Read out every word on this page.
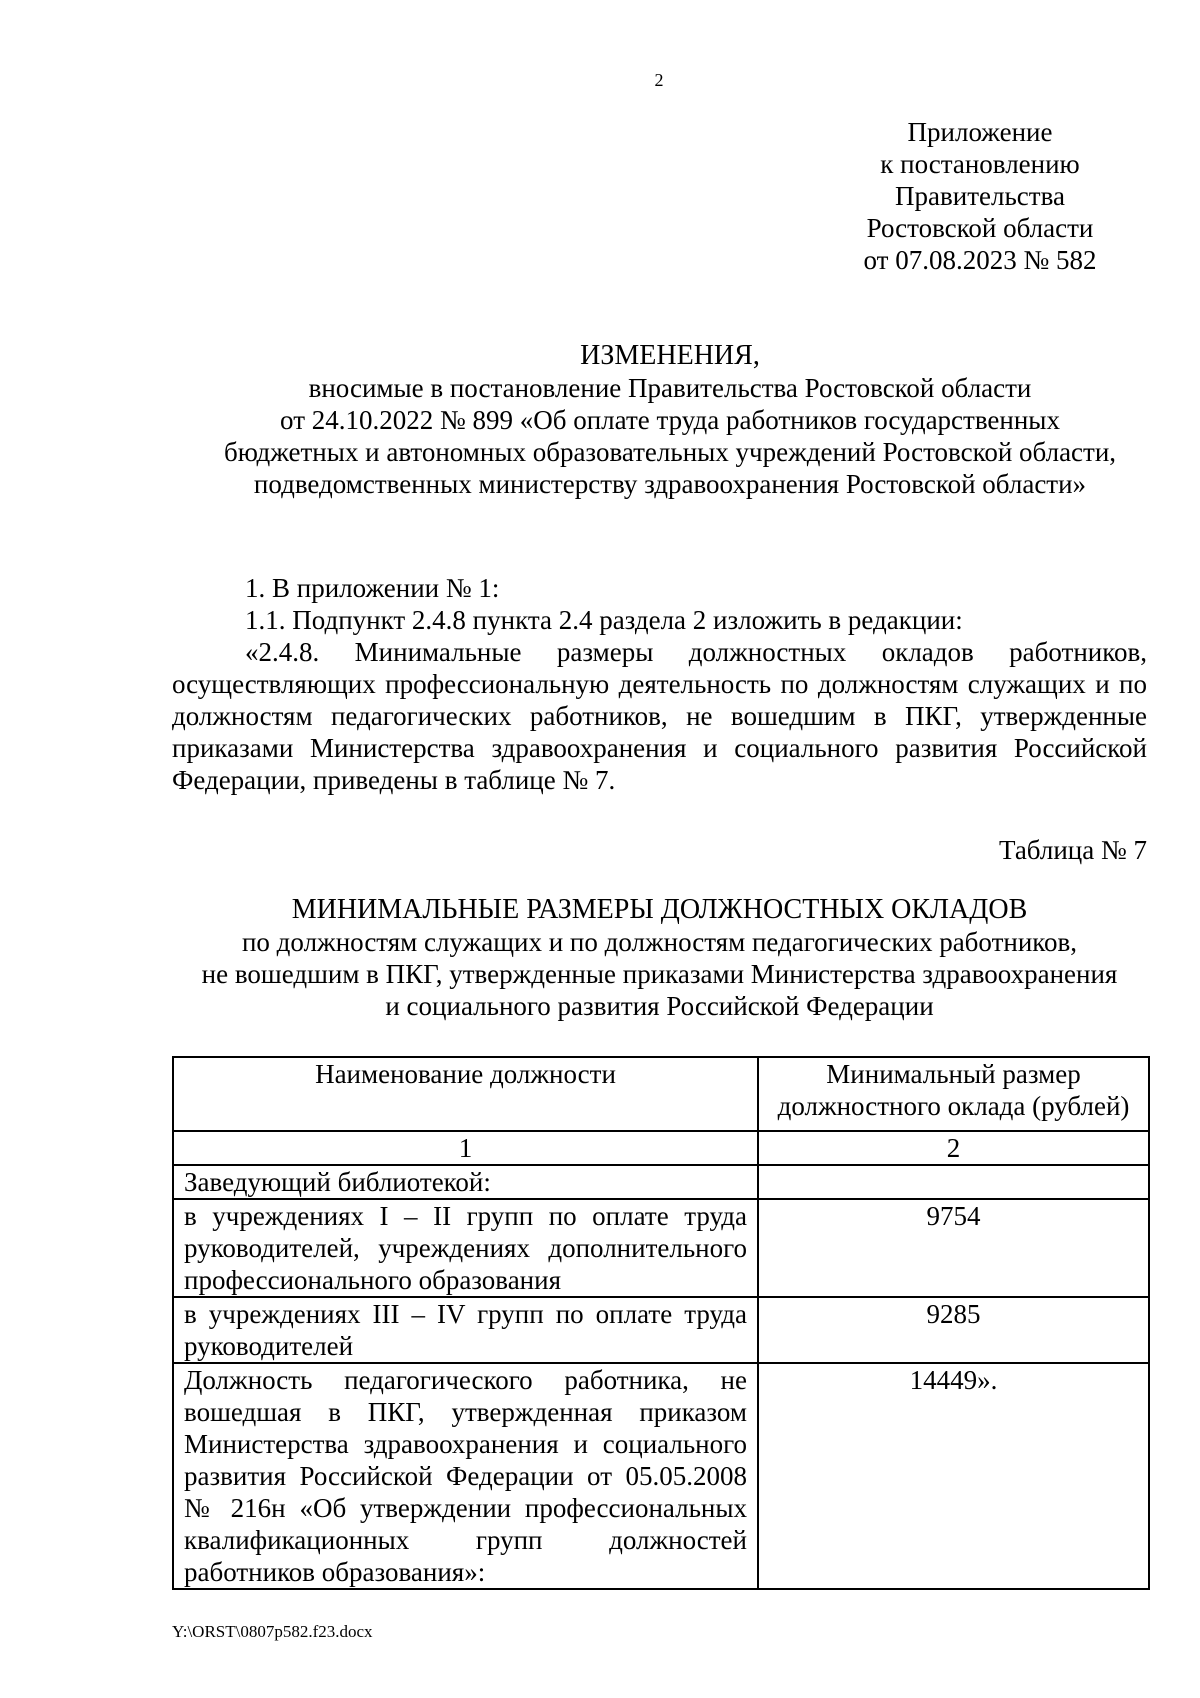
2
Приложение
к постановлению
Правительства
Ростовской области
от 07.08.2023 № 582
ИЗМЕНЕНИЯ,
вносимые в постановление Правительства Ростовской области
от 24.10.2022 № 899 «Об оплате труда работников государственных
бюджетных и автономных образовательных учреждений Ростовской области,
подведомственных министерству здравоохранения Ростовской области»

1. В приложении № 1:

1.1. Подпункт 2.4.8 пункта 2.4 раздела 2 изложить в редакции:

«2.4.8. Минимальные размеры должностных окладов работников, осуществляющих профессиональную деятельность по должностям служащих и по должностям педагогических работников, не вошедшим в ПКГ, утвержденные приказами Министерства здравоохранения и социального развития Российской Федерации, приведены в таблице № 7.

Таблица № 7
МИНИМАЛЬНЫЕ РАЗМЕРЫ ДОЛЖНОСТНЫХ ОКЛАДОВ
по должностям служащих и по должностям педагогических работников,
не вошедшим в ПКГ, утвержденные приказами Министерства здравоохранения
и социального развития Российской Федерации
Наименование должности	Минимальный размер должностного оклада (рублей)
1	2
Заведующий библиотекой:	
в учреждениях I – II групп по оплате труда руководителей, учреждениях дополнительного профессионального образования	9754
в учреждениях III – IV групп по оплате труда руководителей	9285
Должность педагогического работника, не вошедшая в ПКГ, утвержденная приказом Министерства здравоохранения и социального развития Российской Федерации от 05.05.2008 № 216н «Об утверждении профессиональных квалификационных групп должностей работников образования»:	14449».
Y:\ORST\0807p582.f23.docx
